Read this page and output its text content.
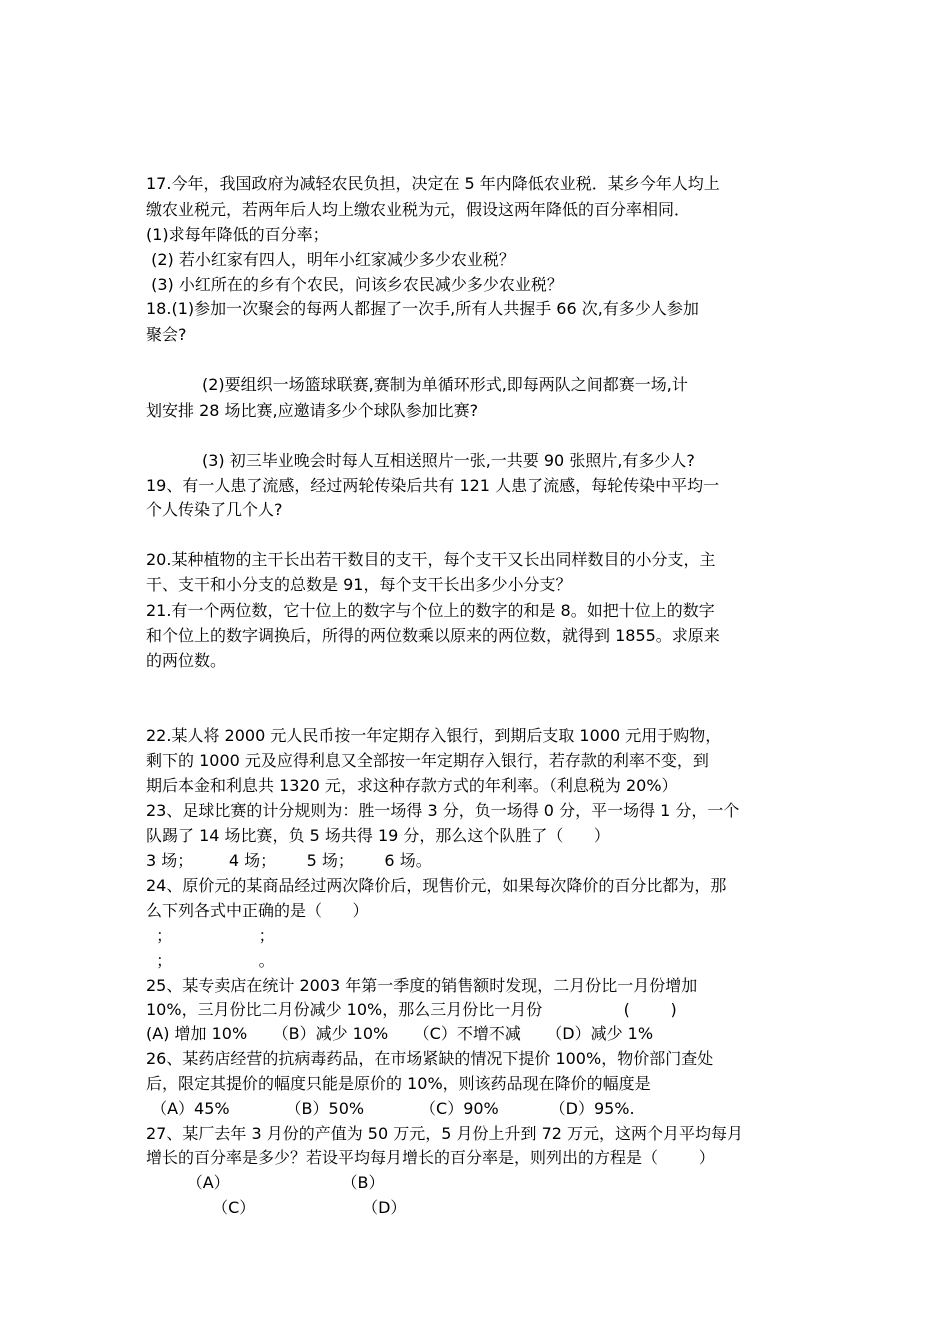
17.今年，我国政府为减轻农民负担，决定在 5 年内降低农业税．某乡今年人均上
缴农业税元，若两年后人均上缴农业税为元，假设这两年降低的百分率相同．
(1)求每年降低的百分率；
(2) 若小红家有四人，明年小红家减少多少农业税？
(3) 小红所在的乡有个农民，问该乡农民减少多少农业税？
18.(1)参加一次聚会的每两人都握了一次手,所有人共握手 66 次,有多少人参加
聚会?
(2)要组织一场篮球联赛,赛制为单循环形式,即每两队之间都赛一场,计
划安排 28 场比赛,应邀请多少个球队参加比赛?
(3) 初三毕业晚会时每人互相送照片一张,一共要 90 张照片,有多少人?
19、有一人患了流感，经过两轮传染后共有 121 人患了流感，每轮传染中平均一
个人传染了几个人?
20.某种植物的主干长出若干数目的支干，每个支干又长出同样数目的小分支，主
干、支干和小分支的总数是 91，每个支干长出多少小分支？
21.有一个两位数，它十位上的数字与个位上的数字的和是 8。如把十位上的数字
和个位上的数字调换后，所得的两位数乘以原来的两位数，就得到 1855。求原来
的两位数。
22.某人将 2000 元人民币按一年定期存入银行，到期后支取 1000 元用于购物，
剩下的 1000 元及应得利息又全部按一年定期存入银行，若存款的利率不变，到
期后本金和利息共 1320 元，求这种存款方式的年利率。（利息税为 20%）
23、足球比赛的计分规则为：胜一场得 3 分，负一场得 0 分，平一场得 1 分，一个
队踢了 14 场比赛，负 5 场共得 19 分，那么这个队胜了（      ）
3 场；       4 场；      5 场；      6 场。
24、原价元的某商品经过两次降价后，现售价元，如果每次降价的百分比都为，那
么下列各式中正确的是（      ）
；                 ；
；                 。
25、某专卖店在统计 2003 年第一季度的销售额时发现，二月份比一月份增加
10%，三月份比二月份减少 10%，那么三月份比一月份                (        )
(A) 增加 10%     （B）减少 10%     （C）不增不减     （D）减少 1%
26、某药店经营的抗病毒药品，在市场紧缺的情况下提价 100%，物价部门查处
后，限定其提价的幅度只能是原价的 10%，则该药品现在降价的幅度是
（A）45%           （B）50%           （C）90%          （D）95%.
27、某厂去年 3 月份的产值为 50 万元，5 月份上升到 72 万元，这两个月平均每月
增长的百分率是多少？若设平均每月增长的百分率是，则列出的方程是（        ）
（A）                      （B）
（C）                     （D）
